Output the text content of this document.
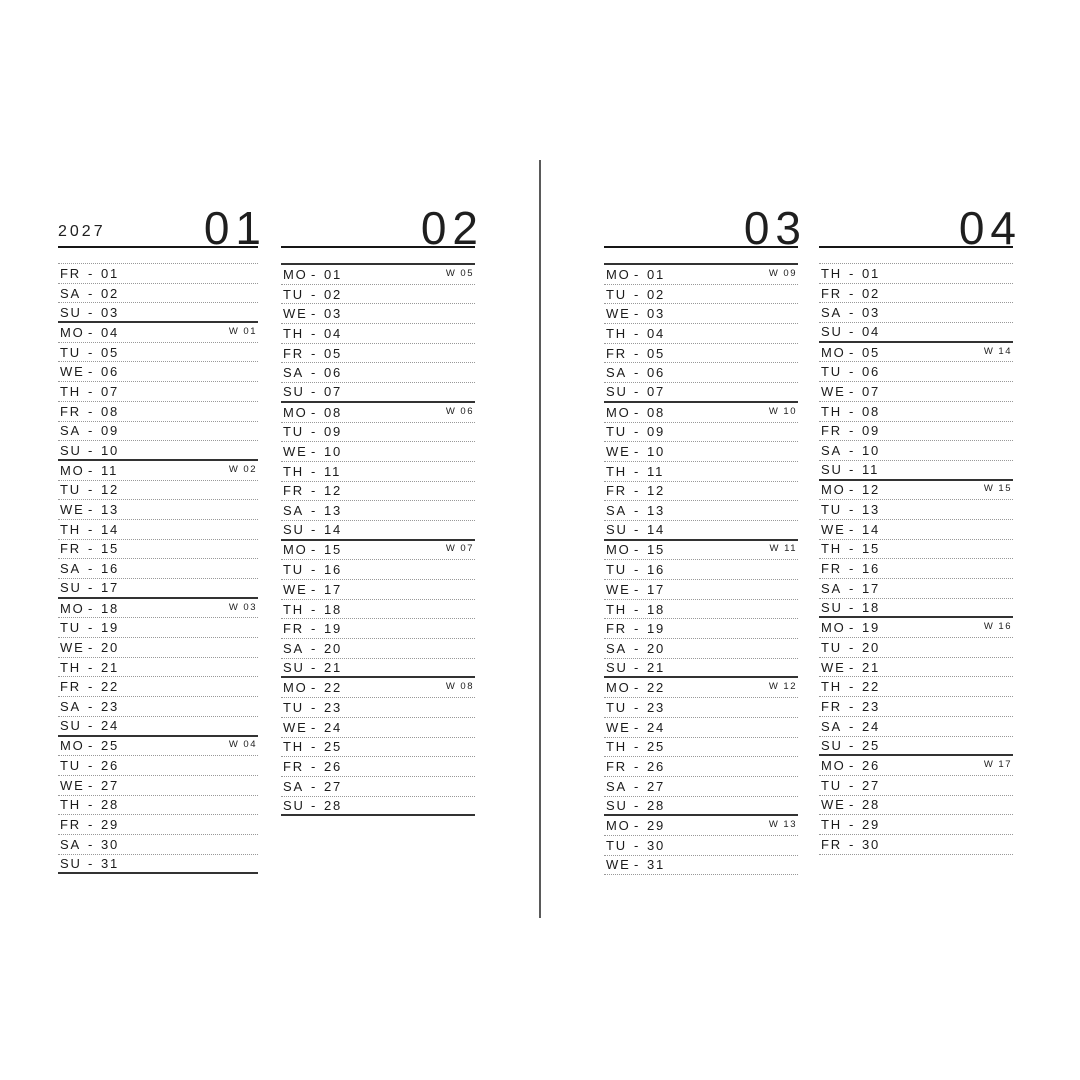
2027 01
FR - 01
SA - 02
SU - 03
MO - 04	W 01
TU - 05
WE - 06
TH - 07
FR - 08
SA - 09
SU - 10
MO - 11	W 02
TU - 12
WE - 13
TH - 14
FR - 15
SA - 16
SU - 17
MO - 18	W 03
TU - 19
WE - 20
TH - 21
FR - 22
SA - 23
SU - 24
MO - 25	W 04
TU - 26
WE - 27
TH - 28
FR - 29
SA - 30
SU - 31
02
MO - 01	W 05
TU - 02
WE - 03
TH - 04
FR - 05
SA - 06
SU - 07
MO - 08	W 06
TU - 09
WE - 10
TH - 11
FR - 12
SA - 13
SU - 14
MO - 15	W 07
TU - 16
WE - 17
TH - 18
FR - 19
SA - 20
SU - 21
MO - 22	W 08
TU - 23
WE - 24
TH - 25
FR - 26
SA - 27
SU - 28
03
MO - 01	W 09
TU - 02
WE - 03
TH - 04
FR - 05
SA - 06
SU - 07
MO - 08	W 10
TU - 09
WE - 10
TH - 11
FR - 12
SA - 13
SU - 14
MO - 15	W 11
TU - 16
WE - 17
TH - 18
FR - 19
SA - 20
SU - 21
MO - 22	W 12
TU - 23
WE - 24
TH - 25
FR - 26
SA - 27
SU - 28
MO - 29	W 13
TU - 30
WE - 31
04
TH - 01
FR - 02
SA - 03
SU - 04
MO - 05	W 14
TU - 06
WE - 07
TH - 08
FR - 09
SA - 10
SU - 11
MO - 12	W 15
TU - 13
WE - 14
TH - 15
FR - 16
SA - 17
SU - 18
MO - 19	W 16
TU - 20
WE - 21
TH - 22
FR - 23
SA - 24
SU - 25
MO - 26	W 17
TU - 27
WE - 28
TH - 29
FR - 30
